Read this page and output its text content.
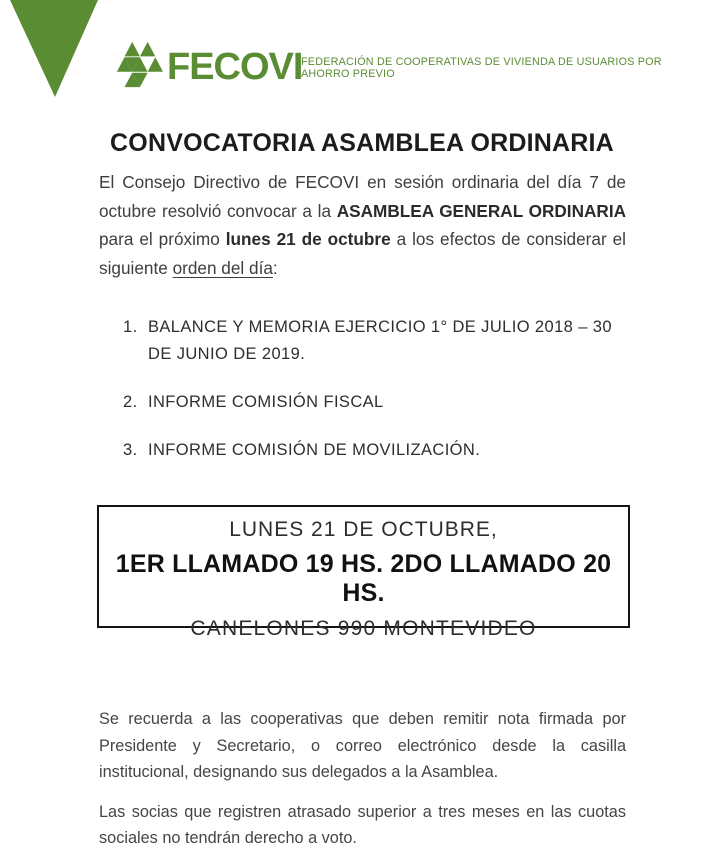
FECOVI
FEDERACIÓN DE COOPERATIVAS DE VIVIENDA DE USUARIOS POR AHORRO PREVIO
CONVOCATORIA ASAMBLEA ORDINARIA

El Consejo Directivo de FECOVI en sesión ordinaria del día 7 de octubre resolvió convocar a la ASAMBLEA GENERAL ORDINARIA para el próximo lunes 21 de octubre a los efectos de considerar el siguiente orden del día:

1. BALANCE Y MEMORIA EJERCICIO 1° DE JULIO 2018 – 30 DE JUNIO DE 2019.
2. INFORME COMISIÓN FISCAL
3. INFORME COMISIÓN DE MOVILIZACIÓN.
LUNES 21 DE OCTUBRE,
1ER LLAMADO 19 HS. 2DO LLAMADO 20 HS.
CANELONES 990 MONTEVIDEO

Se recuerda a las cooperativas que deben remitir nota firmada por Presidente y Secretario, o correo electrónico desde la casilla institucional, designando sus delegados a la Asamblea.

Las socias que registren atrasado superior a tres meses en las cuotas sociales no tendrán derecho a voto.
